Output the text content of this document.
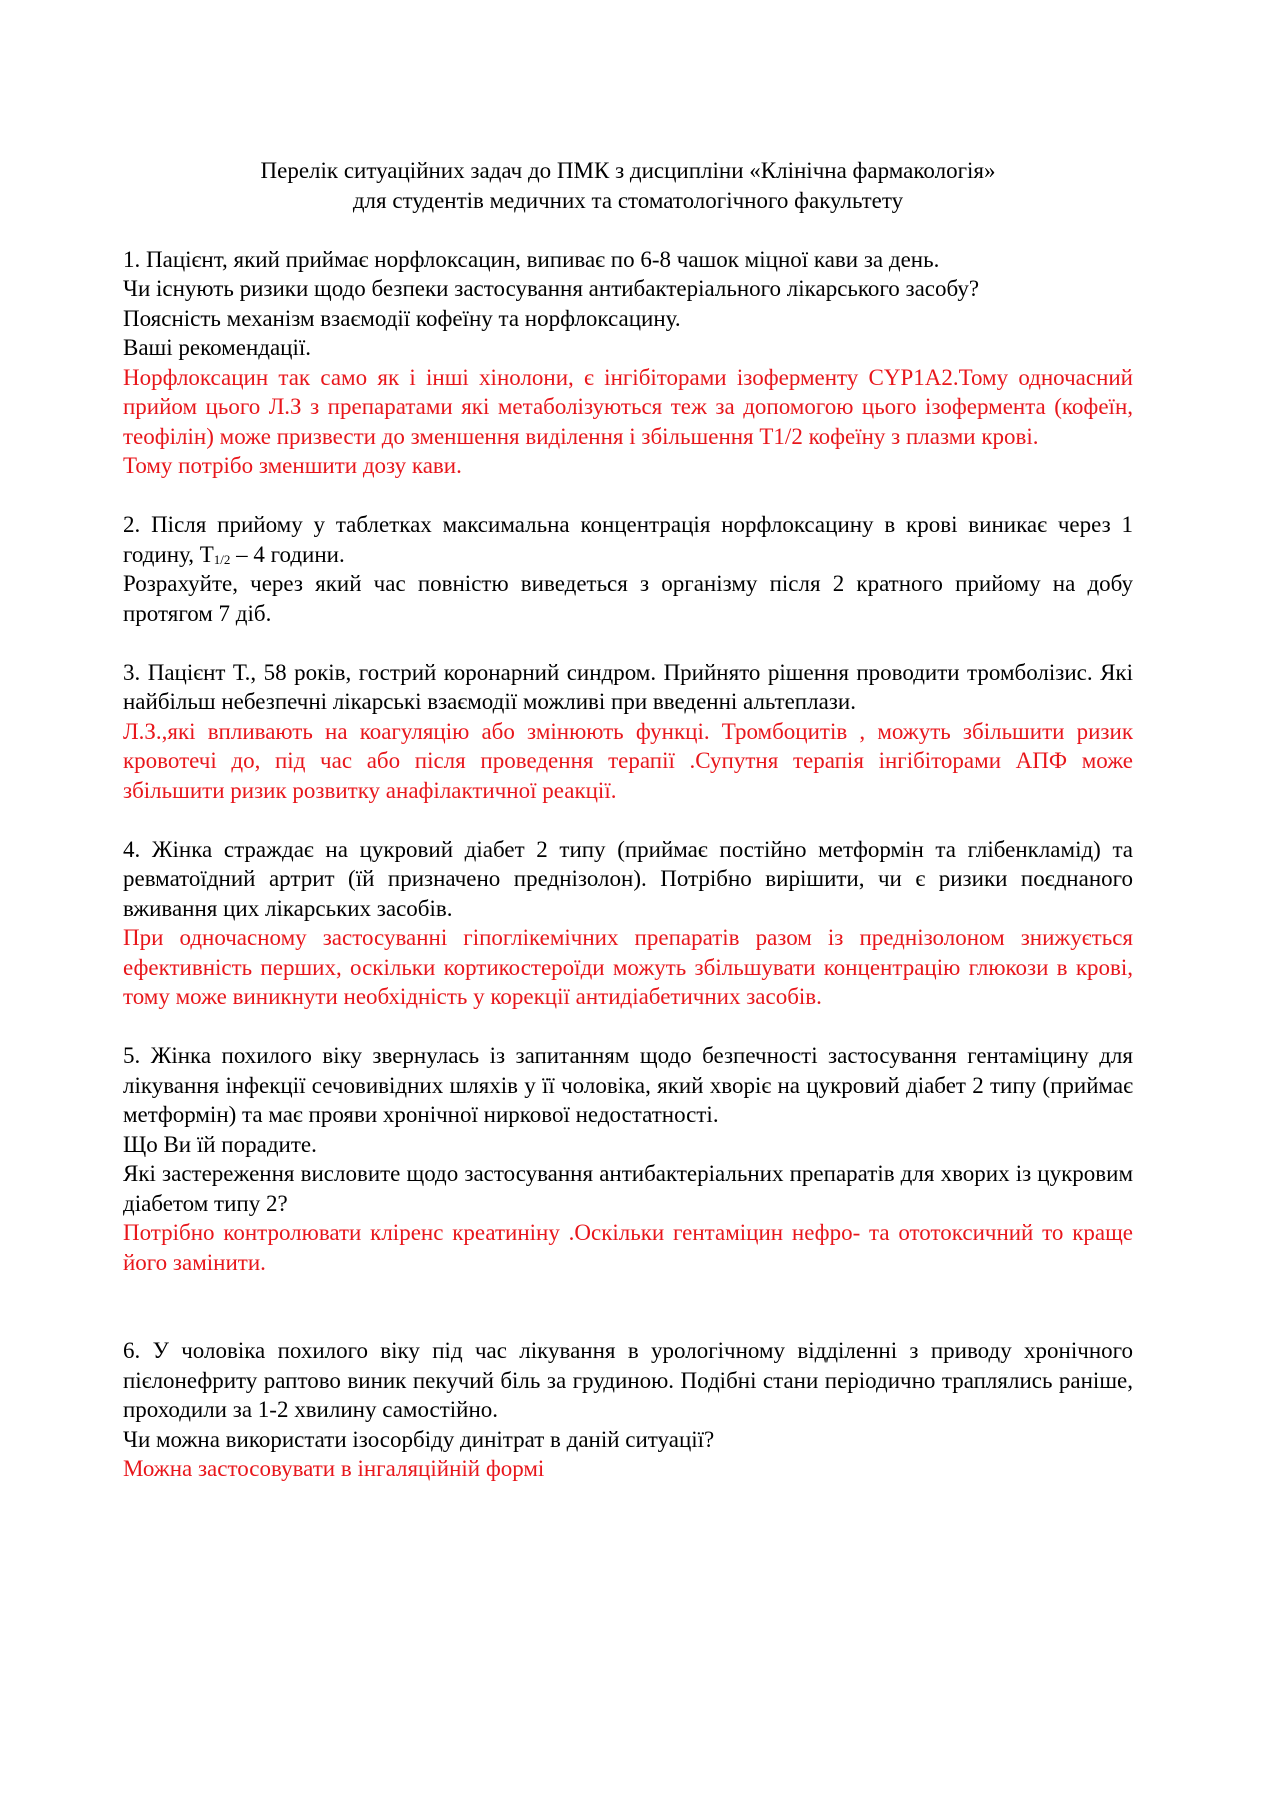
Перелік ситуаційних задач до ПМК з дисципліни «Клінічна фармакологія»

для студентів медичних та стоматологічного факультету

1. Пацієнт, який приймає норфлоксацин, випиває по 6-8 чашок міцної кави за день.

Чи існують ризики щодо безпеки застосування антибактеріального лікарського засобу?

Поясність механізм взаємодії кофеїну та норфлоксацину.

Ваші рекомендації.

Норфлоксацин так само як і інші хінолони, є інгібіторами ізоферменту CYP1A2.Тому одночасний прийом цього Л.З з препаратами які метаболізуються теж за допомогою цього ізофермента (кофеїн, теофілін) може призвести до зменшення виділення і збільшення T1/2 кофеїну з плазми крові.

Тому потрібо зменшити дозу кави.

2. Після прийому у таблетках максимальна концентрація норфлоксацину в крові виникає через 1 годину, $Т_{1/2} - 4$ години.

Розрахуйте, через який час повністю виведеться з організму після 2 кратного прийому на добу протягом 7 діб.

3. Пацієнт Т., 58 років, гострий коронарний синдром. Прийнято рішення проводити тромболізис. Які найбільш небезпечні лікарські взаємодії можливі при введенні альтеплази.

Л.З.,які впливають на коагуляцію або змінюють функці. Тромбоцитів , можуть збільшити ризик кровотечі до, під час або після проведення терапії .Супутня терапія інгібіторами АПФ може збільшити ризик розвитку анафілактичної реакції.

4. Жінка страждає на цукровий діабет 2 типу (приймає постійно метформін та глібенкламід) та ревматоїдний артрит (їй призначено преднізолон). Потрібно вирішити, чи є ризики поєднаного вживання цих лікарських засобів.

При одночасному застосуванні гіпоглікемічних препаратів разом із преднізолоном знижується ефективність перших, оскільки кортикостероїди можуть збільшувати концентрацію глюкози в крові, тому може виникнути необхідність у корекції антидіабетичних засобів.

5. Жінка похилого віку звернулась із запитанням щодо безпечності застосування гентаміцину для лікування інфекції сечовивідних шляхів у її чоловіка, який хворіє на цукровий діабет 2 типу (приймає метформін) та має прояви хронічної ниркової недостатності.

Що Ви їй порадите.

Які застереження висловите щодо застосування антибактеріальних препаратів для хворих із цукровим діабетом типу 2?

Потрібно контролювати кліренс креатиніну .Оскільки гентаміцин нефро- та ототоксичний то краще його замінити.

6. У чоловіка похилого віку під час лікування в урологічному відділенні з приводу хронічного пієлонефриту раптово виник пекучий біль за грудиною. Подібні стани періодично траплялись раніше, проходили за 1-2 хвилину самостійно.

Чи можна використати ізосорбіду динітрат в даній ситуації?

Можна застосовувати в інгаляційній формі
